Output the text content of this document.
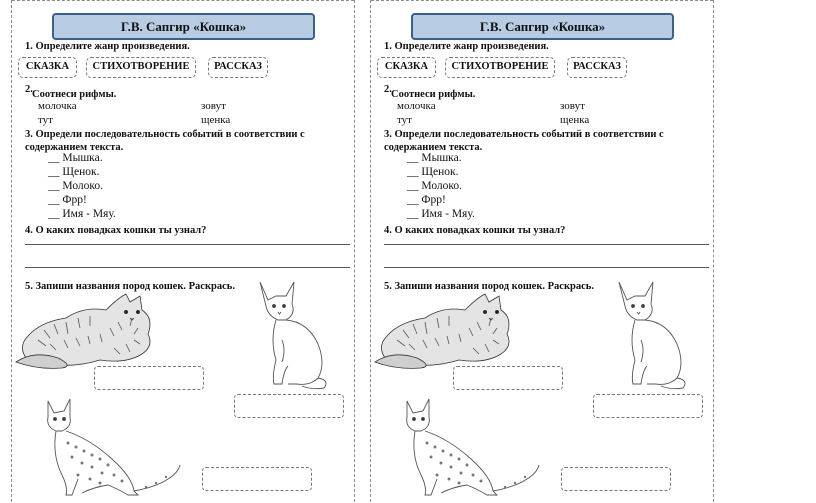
Г.В. Сапгир «Кошка»
1. Определите жанр произведения.
СКАЗКА	СТИХОТВОРЕНИЕ	РАССКАЗ
2. Соотнеси рифмы.
молочка	зовут
тут	щенка
3. Определи последовательность событий в соответствии с содержанием текста.
__ Мышка.
__ Щенок.
__ Молоко.
__ Фрр!
__ Имя - Мяу.
4. О каких повадках кошки ты узнал?
5. Запиши названия пород кошек. Раскрась.
Г.В. Сапгир «Кошка»
1. Определите жанр произведения.
СКАЗКА	СТИХОТВОРЕНИЕ	РАССКАЗ
2. Соотнеси рифмы.
молочка	зовут
тут	щенка
3. Определи последовательность событий в соответствии с содержанием текста.
__ Мышка.
__ Щенок.
__ Молоко.
__ Фрр!
__ Имя - Мяу.
4. О каких повадках кошки ты узнал?
5. Запиши названия пород кошек. Раскрась.
